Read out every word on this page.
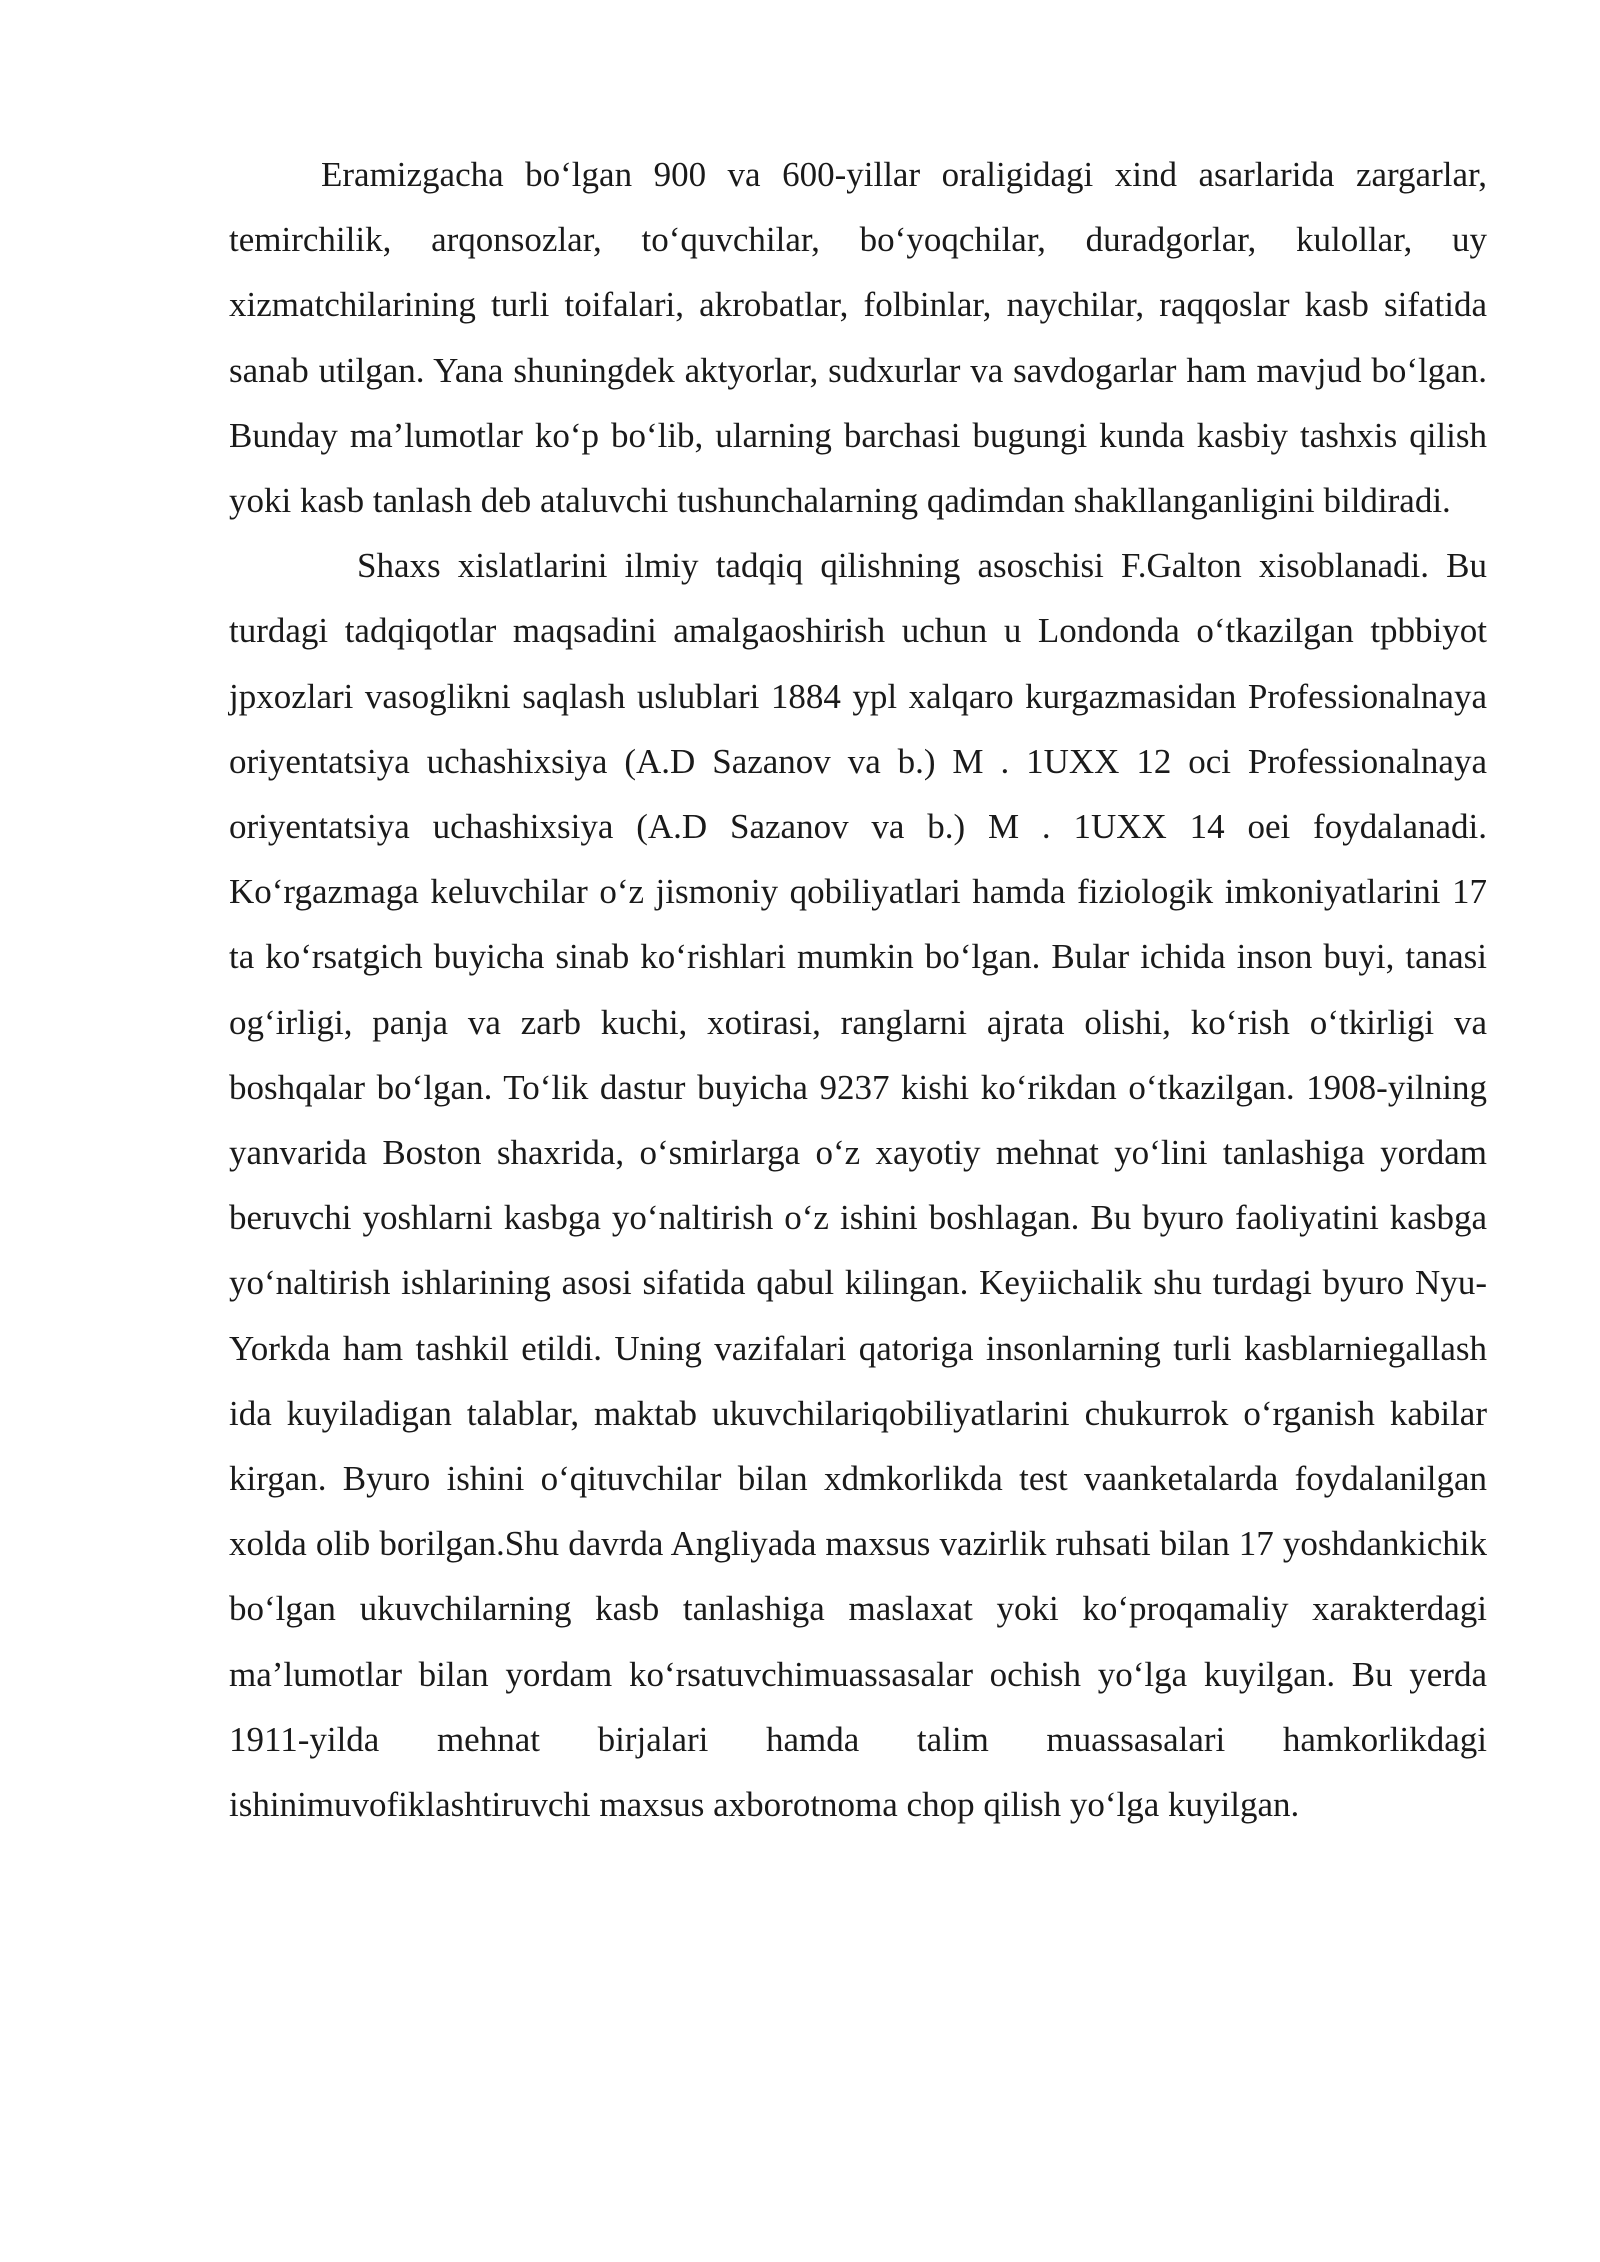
Eramizgacha bo‘lgan 900 va 600-yillar oraligidagi xind asarlarida zargarlar, temirchilik, arqonsozlar, to‘quvchilar, bo‘yoqchilar, duradgorlar, kulollar, uy xizmatchilarining turli toifalari, akrobatlar, folbinlar, naychilar, raqqoslar kasb sifatida sanab utilgan. Yana shuningdek aktyorlar, sudxurlar va savdogarlar ham mavjud bo‘lgan. Bunday ma’lumotlar ko‘p bo‘lib, ularning barchasi bugungi kunda kasbiy tashxis qilish yoki kasb tanlash deb ataluvchi tushunchalarning qadimdan shakllanganligini bildiradi.

Shaxs xislatlarini ilmiy tadqiq qilishning asoschisi F.Galton xisoblanadi. Bu turdagi tadqiqotlar maqsadini amalgaoshirish uchun u Londonda o‘tkazilgan tpbbiyot jpxozlari vasoglikni saqlash uslublari 1884 ypl xalqaro kurgazmasidan Professionalnaya oriyentatsiya uchashixsiya (A.D Sazanov va b.) M . 1UXX 12 oci Professionalnaya oriyentatsiya uchashixsiya (A.D Sazanov va b.) M . 1UXX 14 oei foydalanadi. Ko‘rgazmaga keluvchilar o‘z jismoniy qobiliyatlari hamda fiziologik imkoniyatlarini 17 ta ko‘rsatgich buyicha sinab ko‘rishlari mumkin bo‘lgan. Bular ichida inson buyi, tanasi og‘irligi, panja va zarb kuchi, xotirasi, ranglarni ajrata olishi, ko‘rish o‘tkirligi va boshqalar bo‘lgan. To‘lik dastur buyicha 9237 kishi ko‘rikdan o‘tkazilgan. 1908-yilning yanvarida Boston shaxrida, o‘smirlarga o‘z xayotiy mehnat yo‘lini tanlashiga yordam beruvchi yoshlarni kasbga yo‘naltirish o‘z ishini boshlagan. Bu byuro faoliyatini kasbga yo‘naltirish ishlarining asosi sifatida qabul kilingan. Keyiichalik shu turdagi byuro Nyu- Yorkda ham tashkil etildi. Uning vazifalari qatoriga insonlarning turli kasblarniegallash ida kuyiladigan talablar, maktab ukuvchilariqobiliyatlarini chukurrok o‘rganish kabilar kirgan. Byuro ishini o‘qituvchilar bilan xdmkorlikda test vaanketalarda foydalanilgan xolda olib borilgan.Shu davrda Angliyada maxsus vazirlik ruhsati bilan 17 yoshdankichik bo‘lgan ukuvchilarning kasb tanlashiga maslaxat yoki ko‘proqamaliy xarakterdagi ma’lumotlar bilan yordam ko‘rsatuvchimuassasalar ochish yo‘lga kuyilgan. Bu yerda 1911-yilda mehnat birjalari hamda talim muassasalari hamkorlikdagi ishinimuvofiklashtiruvchi maxsus axborotnoma chop qilish yo‘lga kuyilgan.
